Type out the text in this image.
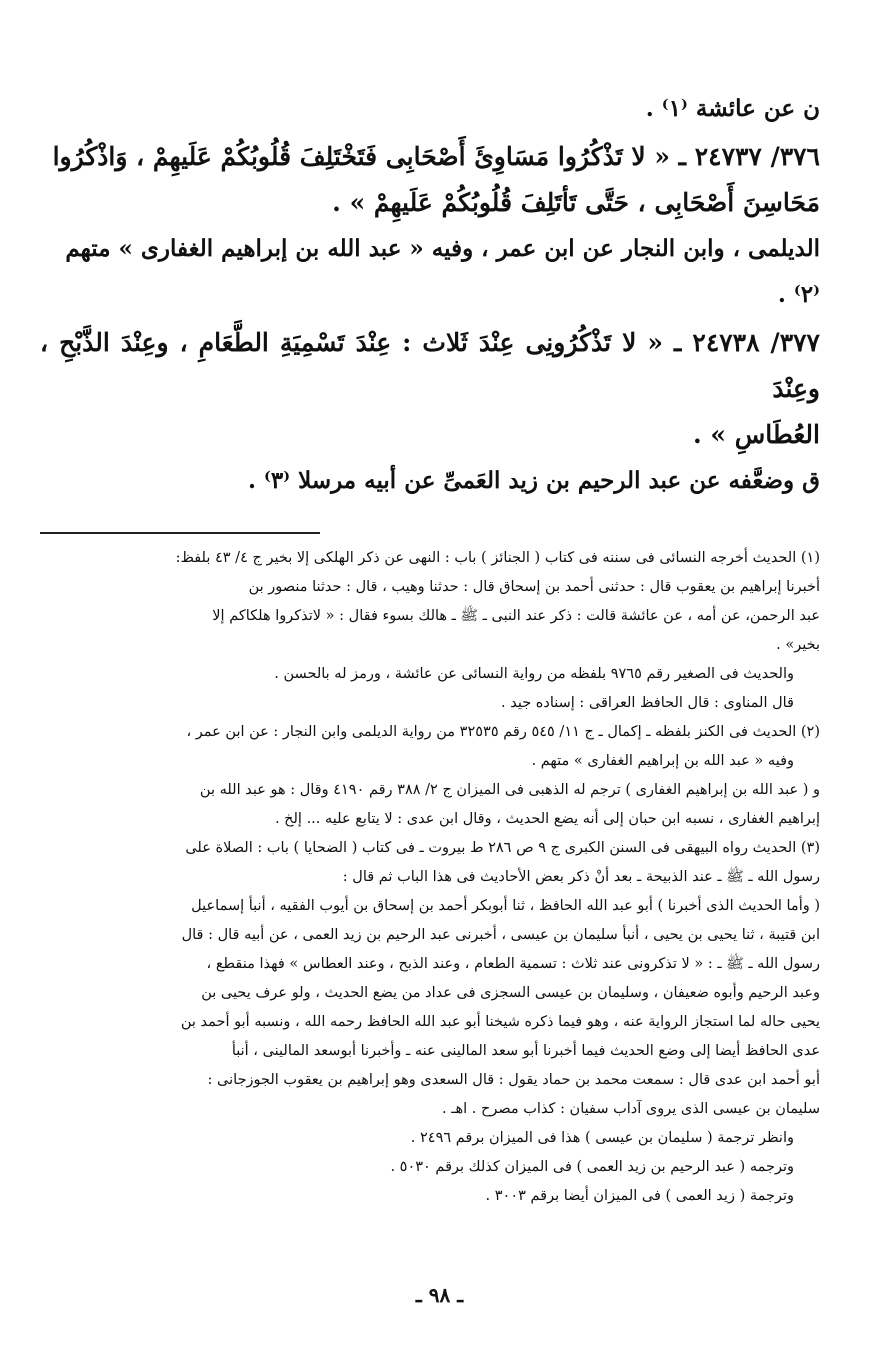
ن عن عائشة ⁽١⁾ .

٣٧٦/ ٢٤٧٣٧ ـ « لا تَذْكُرُوا مَسَاوِئَ أَصْحَابِى فَتَخْتَلِفَ قُلُوبُكُمْ عَلَيهِمْ ، وَاذْكُرُوا

مَحَاسِنَ أَصْحَابِى ، حَتَّى تَأتَلِفَ قُلُوبُكُمْ عَلَيهِمْ » .

الديلمى ، وابن النجار عن ابن عمر ، وفيه « عبد الله بن إبراهيم الغفارى » متهم ⁽٢⁾ .

٣٧٧/ ٢٤٧٣٨ ـ « لا تَذْكُرُونِى عِنْدَ ثَلاث : عِنْدَ تَسْمِيَةِ الطَّعَامِ ، وعِنْدَ الذَّبْحِ ، وعِنْدَ

العُطَاسِ » .

ق وضعَّفه عن عبد الرحيم بن زيد العَمىِّ عن أبيه مرسلا ⁽٣⁾ .

(١) الحديث أخرجه النسائى فى سننه فى كتاب ( الجنائز ) باب : النهى عن ذكر الهلكى إلا بخير ج ٤/ ٤٣ بلفظ:

أخبرنا إبراهيم بن يعقوب قال : حدثنى أحمد بن إسحاق قال : حدثنا وهيب ، قال : حدثنا منصور بن

عبد الرحمن، عن أمه ، عن عائشة قالت : ذكر عند النبى ـ ﷺ ـ هالك بسوء فقال : « لاتذكروا هلكاكم إلا

بخير» .

والحديث فى الصغير رقم ٩٧٦٥ بلفظه من رواية النسائى عن عائشة ، ورمز له بالحسن .

قال المناوى : قال الحافظ العراقى : إسناده جيد .

(٢) الحديث فى الكنز بلفظه ـ إكمال ـ ج ١١/ ٥٤٥ رقم ٣٢٥٣٥ من رواية الديلمى وابن النجار : عن ابن عمر ،

وفيه « عبد الله بن إبراهيم الغفارى » متهم .

و ( عبد الله بن إبراهيم الغفارى ) ترجم له الذهبى فى الميزان ج ٢/ ٣٨٨ رقم ٤١٩٠ وقال : هو عبد الله بن

إبراهيم الغفارى ، نسبه ابن حبان إلى أنه يضع الحديث ، وقال ابن عدى : لا يتابع عليه ... إلخ .

(٣) الحديث رواه البيهقى فى السنن الكبرى ج ٩ ص ٢٨٦ ط بيروت ـ فى كتاب ( الضحايا ) باب : الصلاة على

رسول الله ـ ﷺ ـ عند الذبيحة ـ بعد أنْ ذكر بعض الأحاديث فى هذا الباب ثم قال :

( وأما الحديث الذى أخبرنا ) أبو عبد الله الحافظ ، ثنا أبوبكر أحمد بن إسحاق بن أيوب الفقيه ، أنبأ إسماعيل

ابن قتيبة ، ثنا يحيى بن يحيى ، أنبأ سليمان بن عيسى ، أخبرنى عبد الرحيم بن زيد العمى ، عن أبيه قال : قال

رسول الله ـ ﷺ ـ : « لا تذكرونى عند ثلاث : تسمية الطعام ، وعند الذبح ، وعند العطاس » فهذا منقطع ،

وعبد الرحيم وأبوه ضعيفان ، وسليمان بن عيسى السجزى فى عداد من يضع الحديث ، ولو عرف يحيى بن

يحيى حاله لما استجاز الرواية عنه ، وهو فيما ذكره شيخنا أبو عبد الله الحافظ رحمه الله ، ونسبه أبو أحمد بن

عدى الحافظ أيضا إلى وضع الحديث فيما أخبرنا أبو سعد المالينى عنه ـ وأخبرنا أبوسعد المالينى ، أنبأ

أبو أحمد ابن عدى قال : سمعت محمد بن حماد يقول : قال السعدى وهو إبراهيم بن يعقوب الجوزجانى :

سليمان بن عيسى الذى يروى آداب سفيان : كذاب مصرح . اهـ .

وانظر ترجمة ( سليمان بن عيسى ) هذا فى الميزان برقم ٢٤٩٦ .

وترجمه ( عبد الرحيم بن زيد العمى ) فى الميزان كذلك برقم ٥٠٣٠ .

وترجمة ( زيد العمى ) فى الميزان أيضا برقم ٣٠٠٣ .

ـ ٩٨ ـ
